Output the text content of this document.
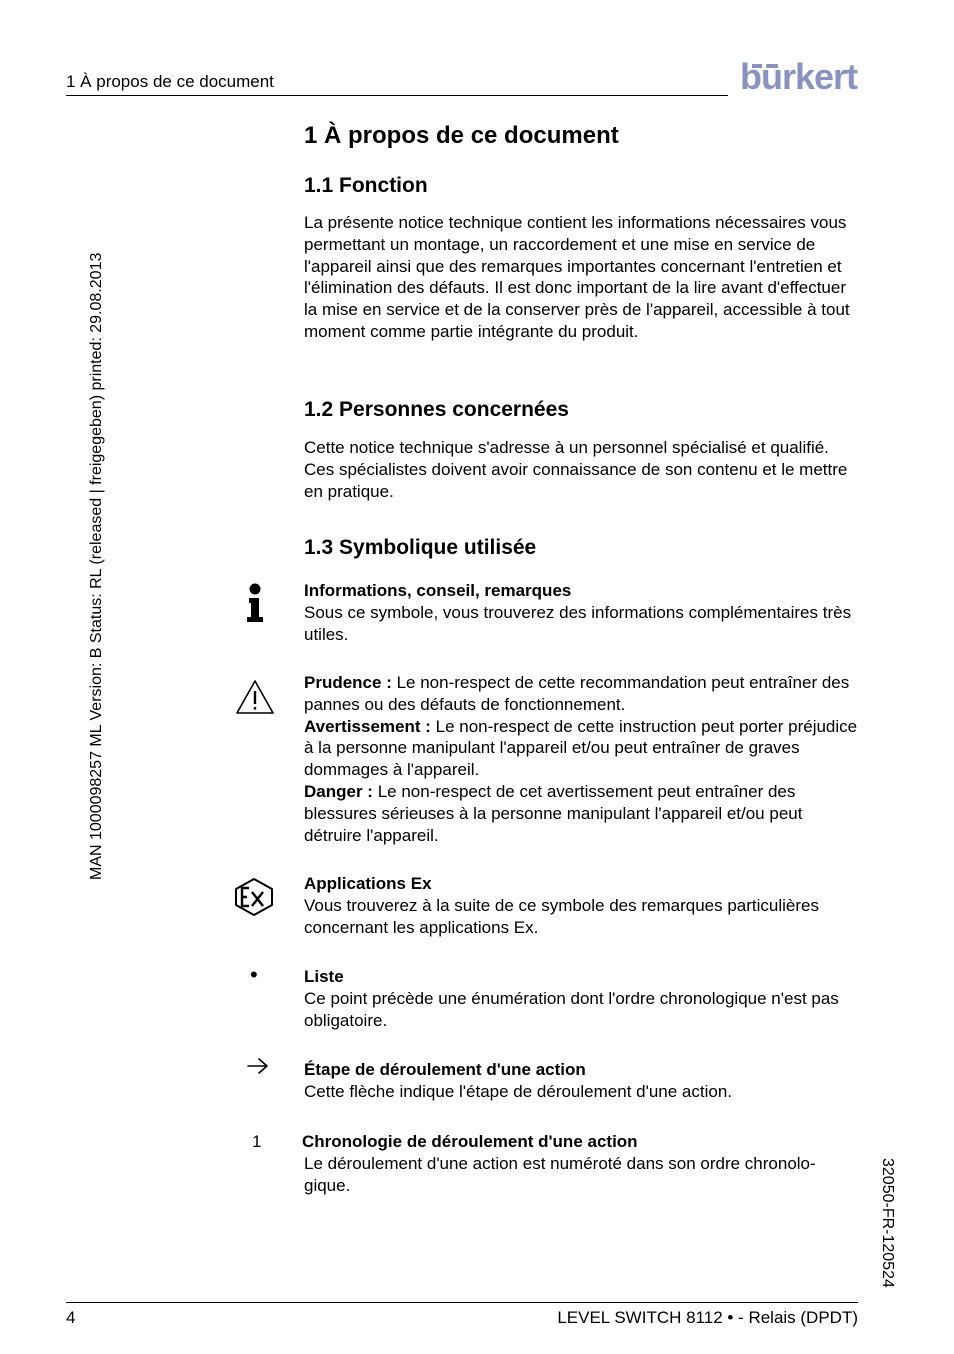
1 À propos de ce document	bürkert
MAN 1000098257 ML Version: B Status: RL (released | freigegeben) printed: 29.08.2013
32050-FR-120524
1 À propos de ce document
1.1 Fonction
La présente notice technique contient les informations nécessaires vous permettant un montage, un raccordement et une mise en service de l'appareil ainsi que des remarques importantes concernant l'entretien et l'élimination des défauts. Il est donc important de la lire avant d'effectuer la mise en service et de la conserver près de l'appareil, accessible à tout moment comme partie intégrante du produit.
1.2 Personnes concernées
Cette notice technique s'adresse à un personnel spécialisé et qualifié. Ces spécialistes doivent avoir connaissance de son contenu et le mettre en pratique.
1.3 Symbolique utilisée
Informations, conseil, remarques
Sous ce symbole, vous trouverez des informations complémentaires très utiles.
Prudence : Le non-respect de cette recommandation peut entraîner des pannes ou des défauts de fonctionnement.
Avertissement : Le non-respect de cette instruction peut porter préjudice à la personne manipulant l'appareil et/ou peut entraîner de graves dommages à l'appareil.
Danger : Le non-respect de cet avertissement peut entraîner des blessures sérieuses à la personne manipulant l'appareil et/ou peut détruire l'appareil.
Applications Ex
Vous trouverez à la suite de ce symbole des remarques particulières concernant les applications Ex.
•	Liste
Ce point précède une énumération dont l'ordre chronologique n'est pas obligatoire.
Étape de déroulement d'une action
Cette flèche indique l'étape de déroulement d'une action.
1 Chronologie de déroulement d'une action
Le déroulement d'une action est numéroté dans son ordre chronolo-gique.
4	LEVEL SWITCH 8112 • - Relais (DPDT)
